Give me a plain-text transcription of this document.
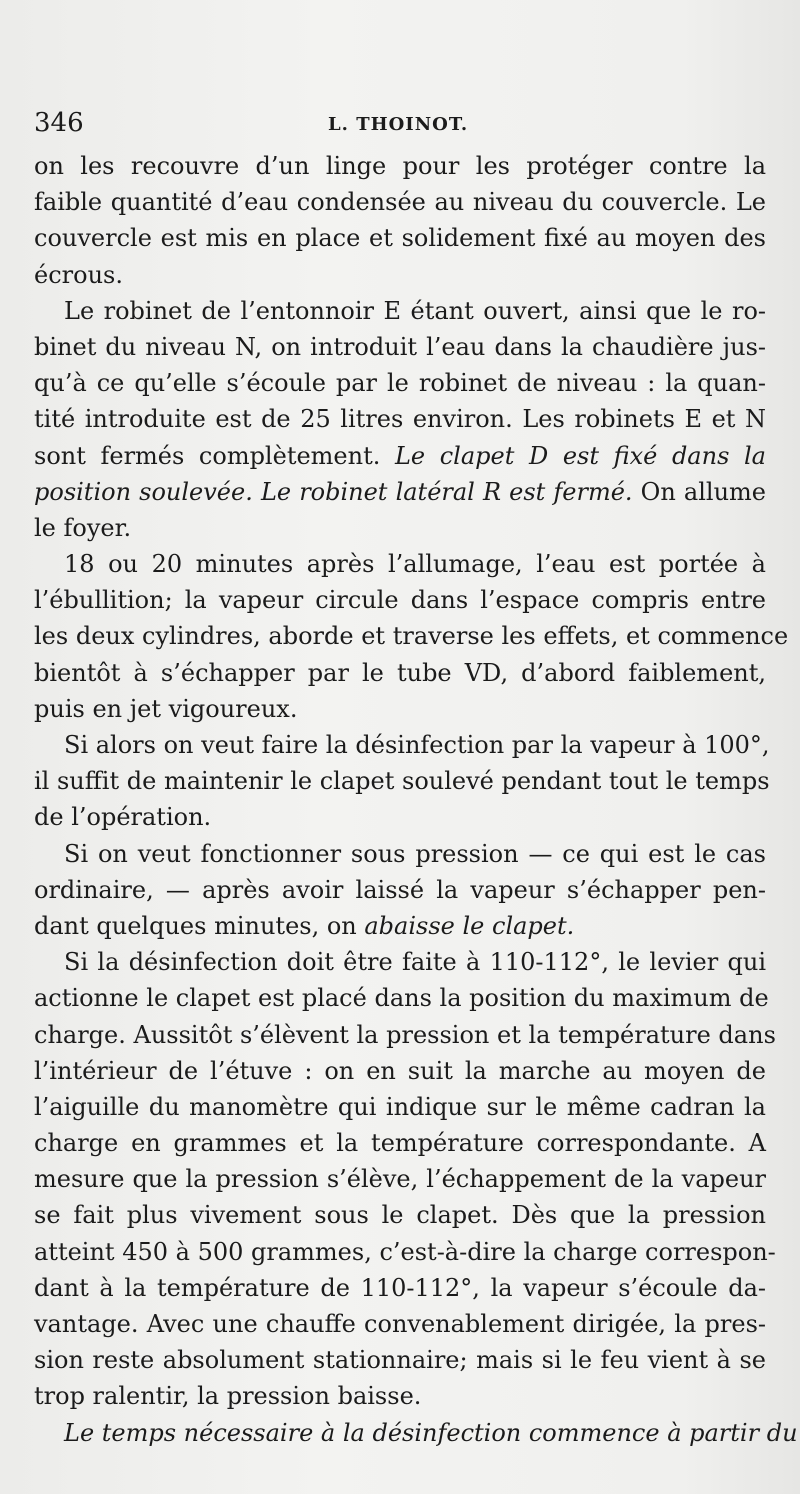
346	L. THOINOT.
on les recouvre d’un linge pour les protéger contre la
faible quantité d’eau condensée au niveau du couvercle. Le
couvercle est mis en place et solidement fixé au moyen des
écrous.
Le robinet de l’entonnoir E étant ouvert, ainsi que le ro-
binet du niveau N, on introduit l’eau dans la chaudière jus-
qu’à ce qu’elle s’écoule par le robinet de niveau : la quan-
tité introduite est de 25 litres environ. Les robinets E et N
sont fermés complètement. Le clapet D est fixé dans la
position soulevée. Le robinet latéral R est fermé. On allume
le foyer.
18 ou 20 minutes après l’allumage, l’eau est portée à
l’ébullition; la vapeur circule dans l’espace compris entre
les deux cylindres, aborde et traverse les effets, et commence
bientôt à s’échapper par le tube VD, d’abord faiblement,
puis en jet vigoureux.
Si alors on veut faire la désinfection par la vapeur à 100°,
il suffit de maintenir le clapet soulevé pendant tout le temps
de l’opération.
Si on veut fonctionner sous pression — ce qui est le cas
ordinaire, — après avoir laissé la vapeur s’échapper pen-
dant quelques minutes, on abaisse le clapet.
Si la désinfection doit être faite à 110-112°, le levier qui
actionne le clapet est placé dans la position du maximum de
charge. Aussitôt s’élèvent la pression et la température dans
l’intérieur de l’étuve : on en suit la marche au moyen de
l’aiguille du manomètre qui indique sur le même cadran la
charge en grammes et la température correspondante. A
mesure que la pression s’élève, l’échappement de la vapeur
se fait plus vivement sous le clapet. Dès que la pression
atteint 450 à 500 grammes, c’est-à-dire la charge correspon-
dant à la température de 110-112°, la vapeur s’écoule da-
vantage. Avec une chauffe convenablement dirigée, la pres-
sion reste absolument stationnaire; mais si le feu vient à se
trop ralentir, la pression baisse.
Le temps nécessaire à la désinfection commence à partir du
